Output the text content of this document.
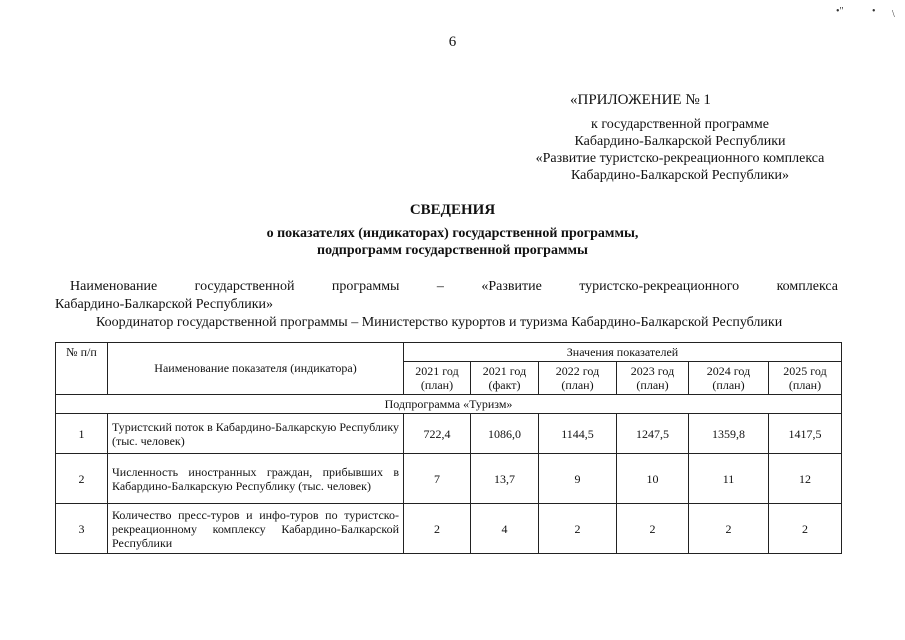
•"	• \
6
«ПРИЛОЖЕНИЕ № 1
к государственной программе
Кабардино-Балкарской Республики
«Развитие туристско-рекреационного комплекса
Кабардино-Балкарской Республики»
СВЕДЕНИЯ
о показателях (индикаторах) государственной программы,
подпрограмм государственной программы
Наименование	государственной	программы	–	«Развитие	туристско-рекреационного	комплекса
Кабардино-Балкарской Республики»
Координатор государственной программы – Министерство курортов и туризма Кабардино-Балкарской Республики
№ п/п	Наименование показателя (индикатора)	Значения показателей					
		2021 год (план)	2021 год (факт)	2022 год (план)	2023 год (план)	2024 год (план)	2025 год (план)
Подпрограмма «Туризм»							
1	Туристский поток в Кабардино-Балкарскую Республику (тыс. человек)	722,4	1086,0	1144,5	1247,5	1359,8	1417,5
2	Численность иностранных граждан, прибывших в Кабардино-Балкарскую Республику (тыс. человек)	7	13,7	9	10	11	12
3	Количество пресс-туров и инфо-туров по туристско-рекреационному комплексу Кабардино-Балкарской Республики	2	4	2	2	2	2
